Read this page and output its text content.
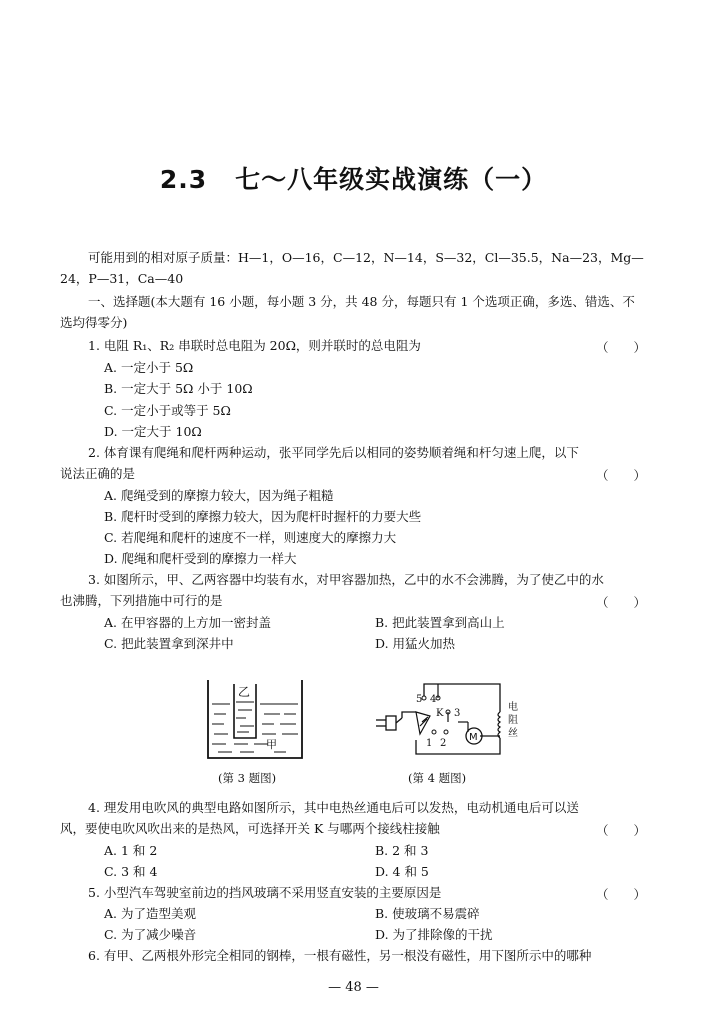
2.3 七～八年级实战演练（一）
可能用到的相对原子质量：H—1，O—16，C—12，N—14，S—32，Cl—35.5，Na—23，Mg—
24，P—31，Ca—40
一、选择题(本大题有 16 小题，每小题 3 分，共 48 分，每题只有 1 个选项正确，多选、错选、不
选均得零分)
1. 电阻 R₁、R₂ 串联时总电阻为 20Ω，则并联时的总电阻为	（　　）
A. 一定小于 5Ω
B. 一定大于 5Ω 小于 10Ω
C. 一定小于或等于 5Ω
D. 一定大于 10Ω
2. 体育课有爬绳和爬杆两种运动，张平同学先后以相同的姿势顺着绳和杆匀速上爬，以下
说法正确的是	（　　）
A. 爬绳受到的摩擦力较大，因为绳子粗糙
B. 爬杆时受到的摩擦力较大，因为爬杆时握杆的力要大些
C. 若爬绳和爬杆的速度不一样，则速度大的摩擦力大
D. 爬绳和爬杆受到的摩擦力一样大
3. 如图所示，甲、乙两容器中均装有水，对甲容器加热，乙中的水不会沸腾，为了使乙中的水
也沸腾，下列措施中可行的是	（　　）
A. 在甲容器的上方加一密封盖	B. 把此装置拿到高山上
C. 把此装置拿到深井中	D. 用猛火加热
乙
甲
(第 3 题图)
M
5 4
K 3
1 2
电
阻
丝
(第 4 题图)
4. 理发用电吹风的典型电路如图所示，其中电热丝通电后可以发热，电动机通电后可以送
风，要使电吹风吹出来的是热风，可选择开关 K 与哪两个接线柱接触	（　　）
A. 1 和 2	B. 2 和 3
C. 3 和 4	D. 4 和 5
5. 小型汽车驾驶室前边的挡风玻璃不采用竖直安装的主要原因是	（　　）
A. 为了造型美观	B. 使玻璃不易震碎
C. 为了减少噪音	D. 为了排除像的干扰
6. 有甲、乙两根外形完全相同的钢棒，一根有磁性，另一根没有磁性，用下图所示中的哪种
— 48 —
